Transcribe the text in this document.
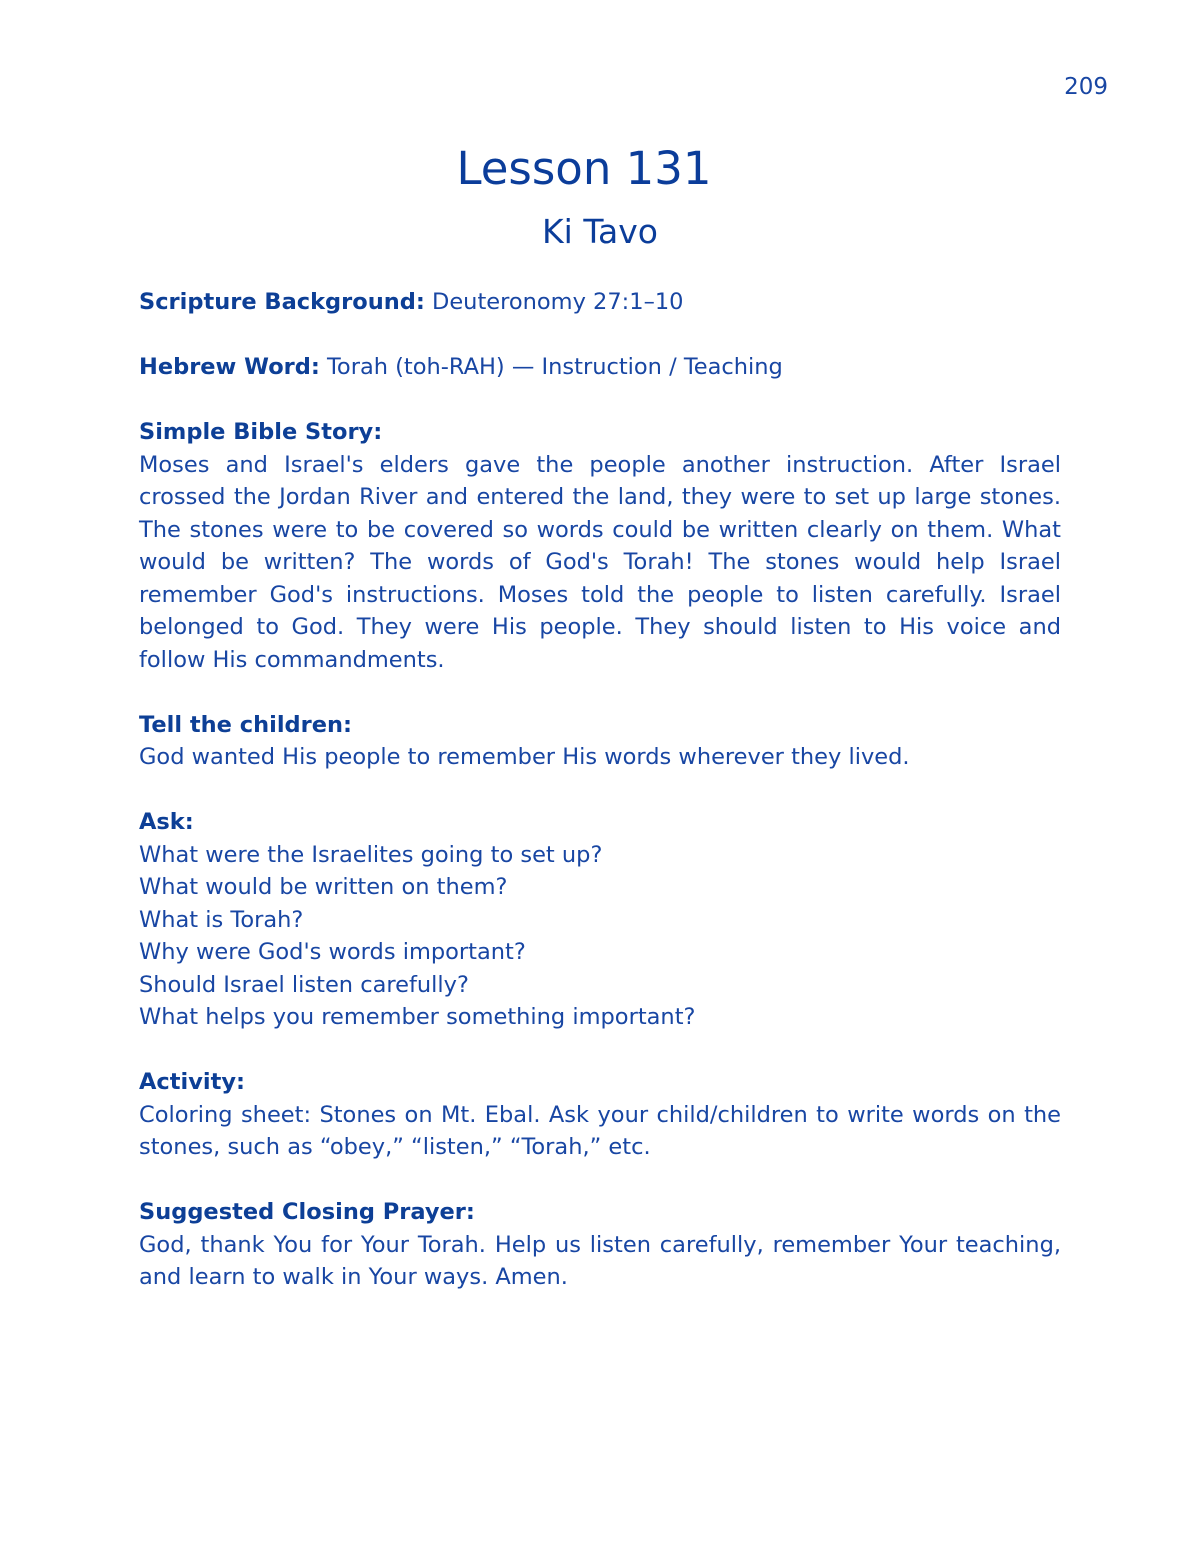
209
Lesson 131
Ki Tavo
Scripture Background: Deuteronomy 27:1–10
Hebrew Word: Torah (toh-RAH) — Instruction / Teaching
Simple Bible Story:
Moses and Israel's elders gave the people another instruction. After Israel crossed the Jordan River and entered the land, they were to set up large stones. The stones were to be covered so words could be written clearly on them. What would be written? The words of God's Torah! The stones would help Israel remember God's instructions. Moses told the people to listen carefully. Israel belonged to God. They were His people. They should listen to His voice and follow His commandments.
Tell the children:
God wanted His people to remember His words wherever they lived.
Ask:
What were the Israelites going to set up?
What would be written on them?
What is Torah?
Why were God's words important?
Should Israel listen carefully?
What helps you remember something important?
Activity:
Coloring sheet: Stones on Mt. Ebal. Ask your child/children to write words on the stones, such as “obey,” “listen,” “Torah,” etc.
Suggested Closing Prayer:
God, thank You for Your Torah. Help us listen carefully, remember Your teaching, and learn to walk in Your ways. Amen.
